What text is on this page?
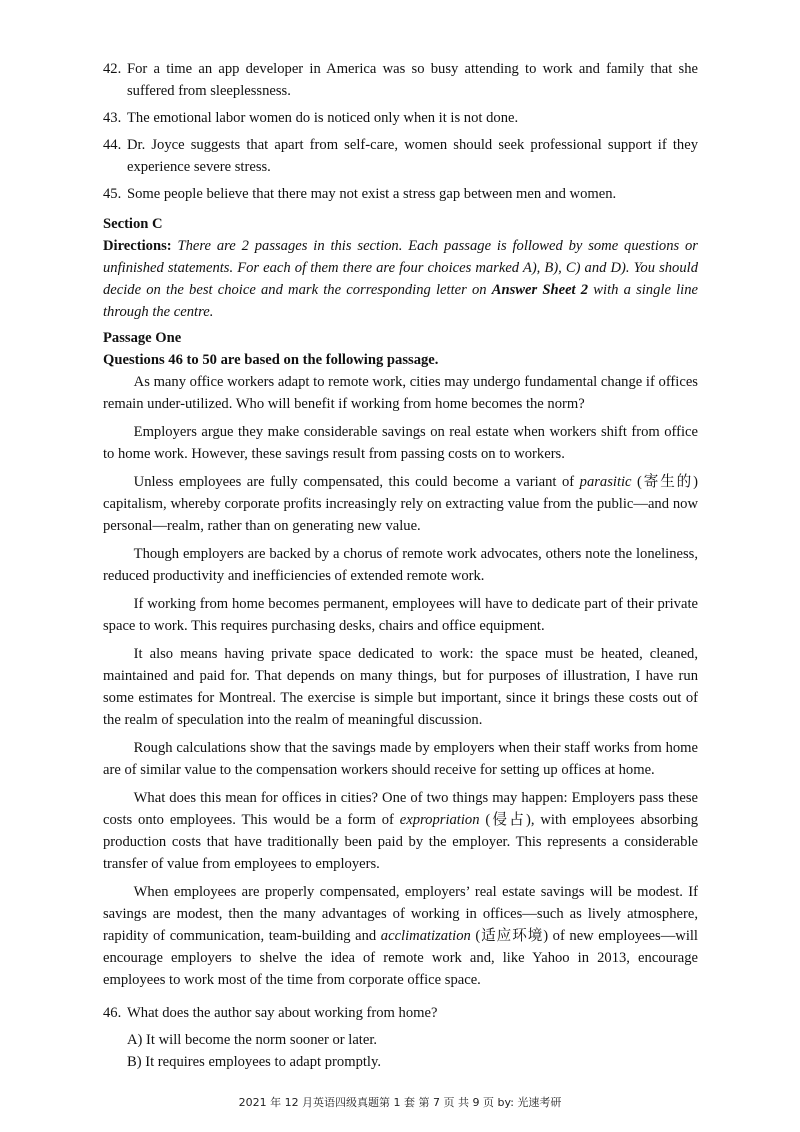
42. For a time an app developer in America was so busy attending to work and family that she suffered from sleeplessness.
43. The emotional labor women do is noticed only when it is not done.
44. Dr. Joyce suggests that apart from self-care, women should seek professional support if they experience severe stress.
45. Some people believe that there may not exist a stress gap between men and women.
Section C
Directions: There are 2 passages in this section. Each passage is followed by some questions or unfinished statements. For each of them there are four choices marked A), B), C) and D). You should decide on the best choice and mark the corresponding letter on Answer Sheet 2 with a single line through the centre.
Passage One
Questions 46 to 50 are based on the following passage.

As many office workers adapt to remote work, cities may undergo fundamental change if offices remain under-utilized. Who will benefit if working from home becomes the norm?

Employers argue they make considerable savings on real estate when workers shift from office to home work. However, these savings result from passing costs on to workers.

Unless employees are fully compensated, this could become a variant of parasitic (寄生的) capitalism, whereby corporate profits increasingly rely on extracting value from the public—and now personal—realm, rather than on generating new value.

Though employers are backed by a chorus of remote work advocates, others note the loneliness, reduced productivity and inefficiencies of extended remote work.

If working from home becomes permanent, employees will have to dedicate part of their private space to work. This requires purchasing desks, chairs and office equipment.

It also means having private space dedicated to work: the space must be heated, cleaned, maintained and paid for. That depends on many things, but for purposes of illustration, I have run some estimates for Montreal. The exercise is simple but important, since it brings these costs out of the realm of speculation into the realm of meaningful discussion.

Rough calculations show that the savings made by employers when their staff works from home are of similar value to the compensation workers should receive for setting up offices at home.

What does this mean for offices in cities? One of two things may happen: Employers pass these costs onto employees. This would be a form of expropriation (侵占), with employees absorbing production costs that have traditionally been paid by the employer. This represents a considerable transfer of value from employees to employers.

When employees are properly compensated, employers’ real estate savings will be modest. If savings are modest, then the many advantages of working in offices—such as lively atmosphere, rapidity of communication, team-building and acclimatization (适应环境) of new employees—will encourage employers to shelve the idea of remote work and, like Yahoo in 2013, encourage employees to work most of the time from corporate office space.

46. What does the author say about working from home?
A) It will become the norm sooner or later.
B) It requires employees to adapt promptly.
2021 年 12 月英语四级真题第 1 套 第 7 页 共 9 页 by: 光速考研
